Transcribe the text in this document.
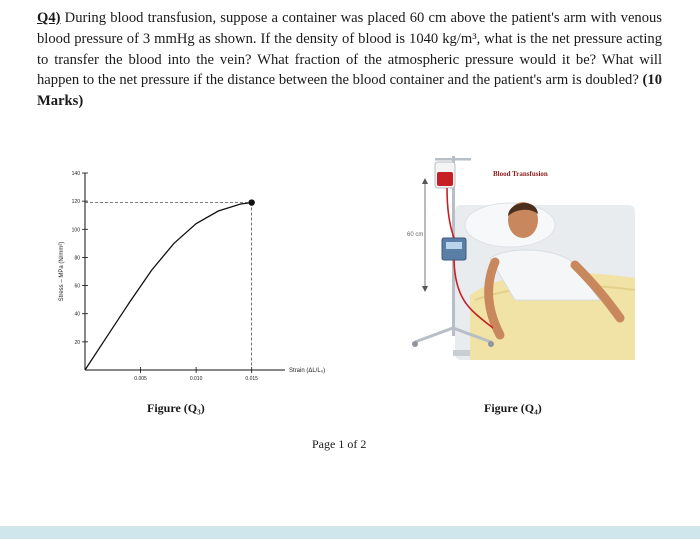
Q4) During blood transfusion, suppose a container was placed 60 cm above the patient's arm with venous blood pressure of 3 mmHg as shown. If the density of blood is 1040 kg/m³, what is the net pressure acting to transfer the blood into the vein? What fraction of the atmospheric pressure would it be? What will happen to the net pressure if the distance between the blood container and the patient's arm is doubled? (10 Marks)
20
40
60
80
100
120
140
0.005	0.010	0.015
Stress – MPa (N/mm²)
Strain (ΔL/L₀)
60 cm
Blood Transfusion
Figure (Q₃)	Figure (Q₄)
Page 1 of 2
